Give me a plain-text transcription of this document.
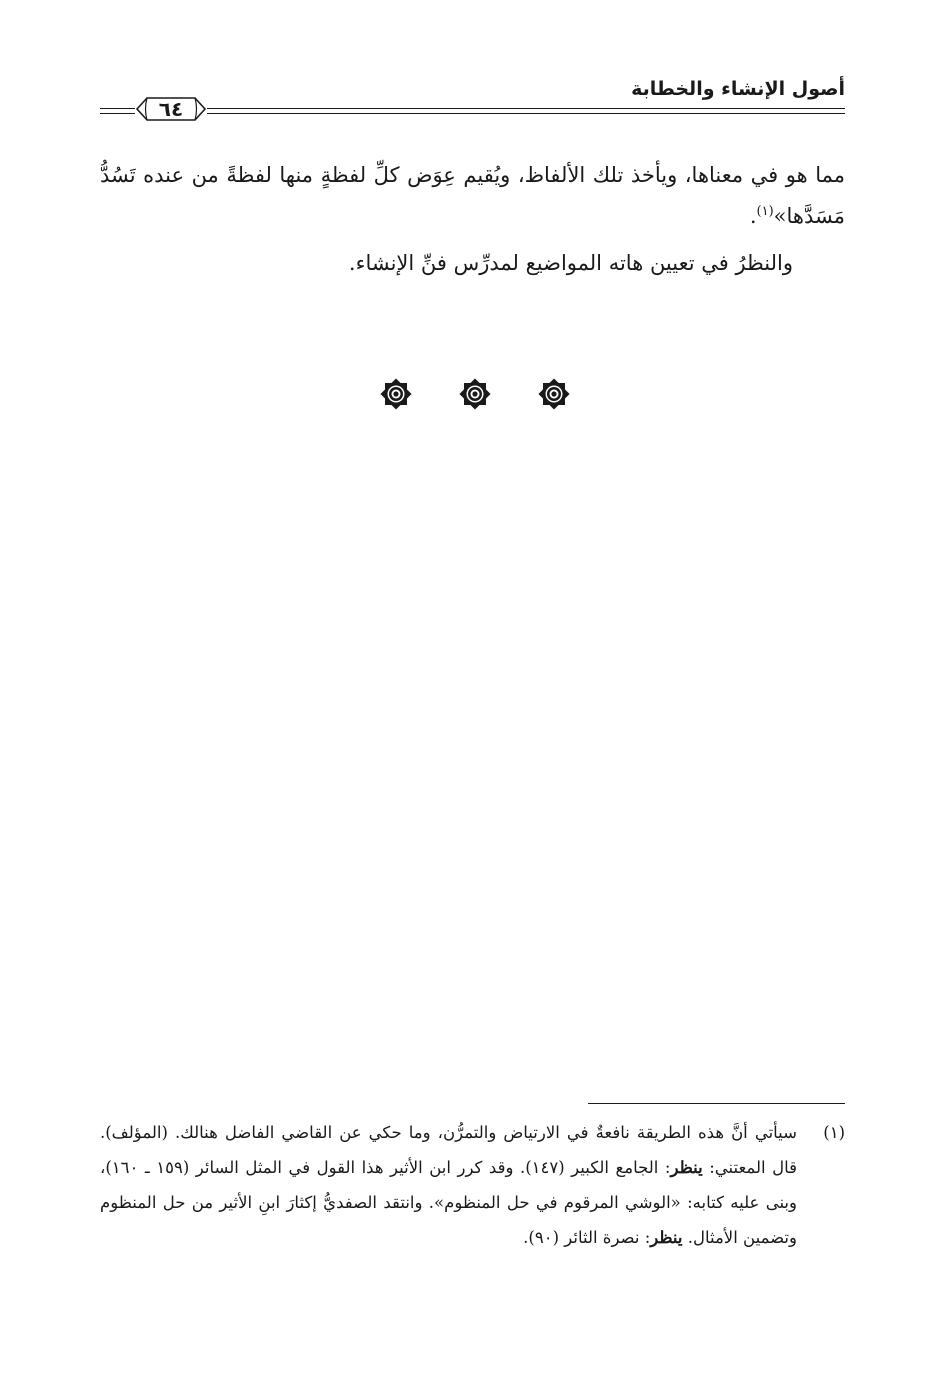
٦٤
أصول الإنشاء والخطابة

مما هو في معناها، ويأخذ تلك الألفاظ، ويُقيم عِوَض كلِّ لفظةٍ منها لفظةً من عنده تَسُدُّ مَسَدَّها»$^{(١)}$.

والنظرُ في تعيين هاته المواضيع لمدرِّس فنِّ الإنشاء.

(١)
سيأتي أنَّ هذه الطريقة نافعةٌ في الارتياض والتمرُّن، وما حكي عن القاضي الفاضل هنالك. (المؤلف). قال المعتني: ينظر: الجامع الكبير (١٤٧). وقد كرر ابن الأثير هذا القول في المثل السائر (١٥٩ ـ ١٦٠)، وبنى عليه كتابه: «الوشي المرقوم في حل المنظوم». وانتقد الصفديُّ إكثارَ ابنِ الأثير من حل المنظوم وتضمين الأمثال. ينظر: نصرة الثائر (٩٠).
